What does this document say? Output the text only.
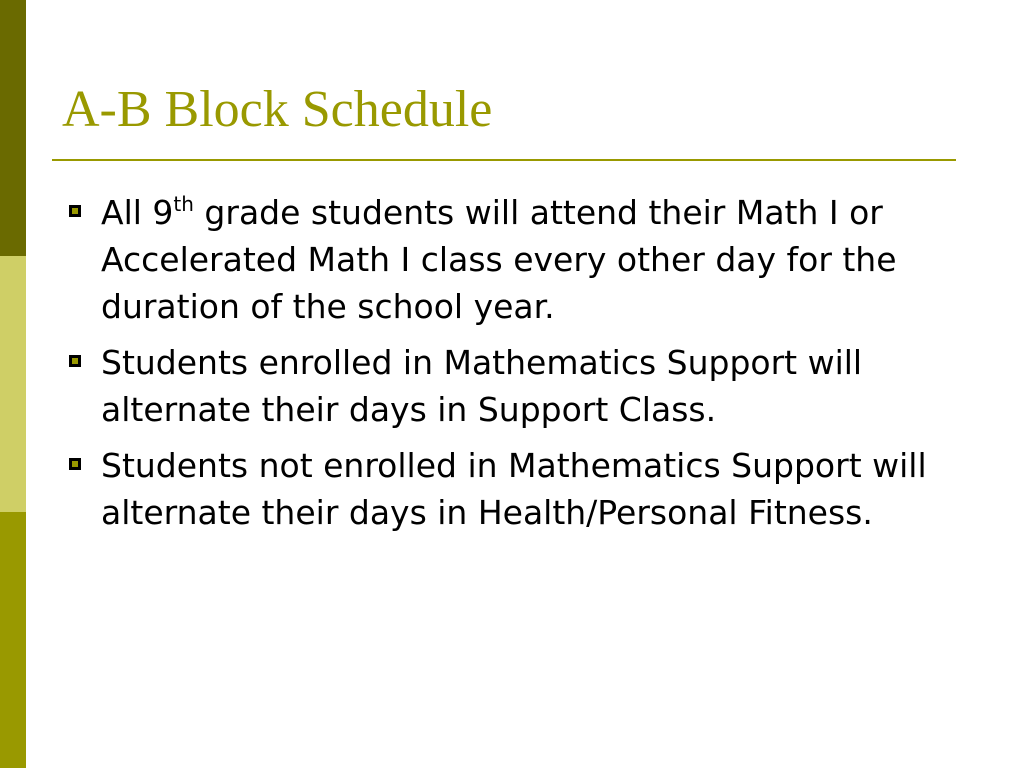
A-B Block Schedule
All 9th grade students will attend their Math I or Accelerated Math I class every other day for the duration of the school year.
Students enrolled in Mathematics Support will alternate their days in Support Class.
Students not enrolled in Mathematics Support will alternate their days in Health/Personal Fitness.
